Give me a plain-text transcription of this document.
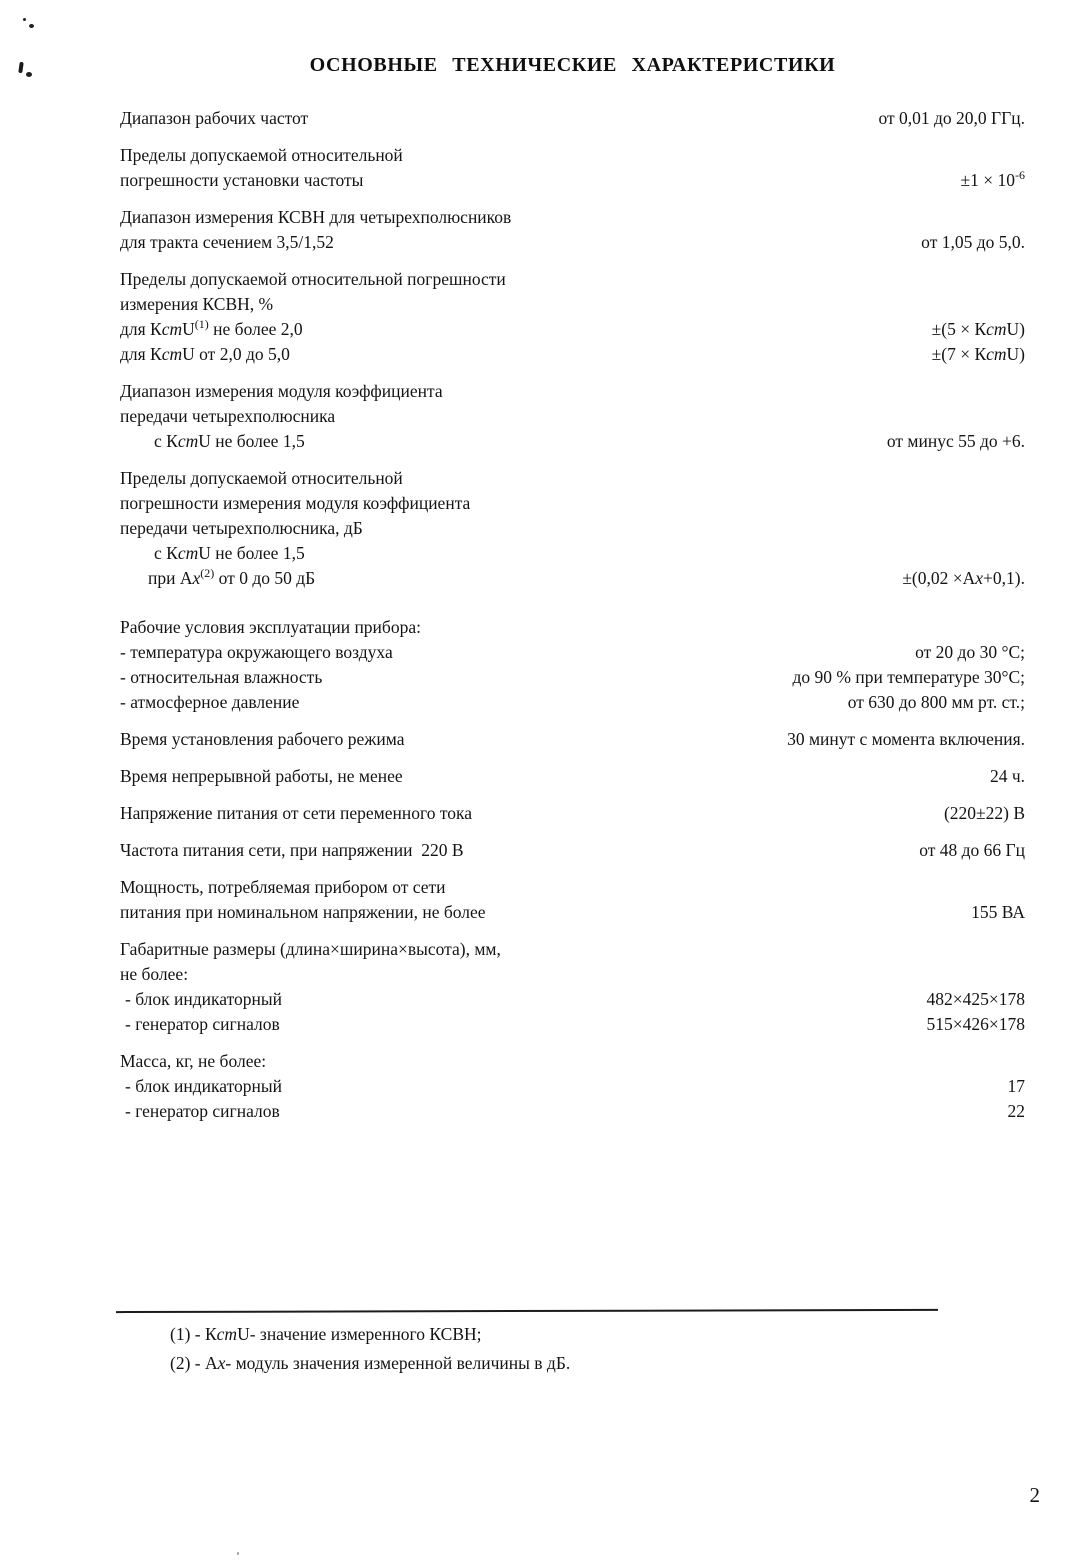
ОСНОВНЫЕ ТЕХНИЧЕСКИЕ ХАРАКТЕРИСТИКИ
Диапазон рабочих частот	от 0,01 до 20,0 ГГц.
Пределы допускаемой относительной
погрешности установки частоты	$\pm 1 \times 10^{-6}$
Диапазон измерения КСВН для четырехполюсников
для тракта сечением 3,5/1,52	от 1,05 до 5,0.
Пределы допускаемой относительной погрешности
измерения КСВН, %
для КстU$^{(1)}$ не более 2,0	±(5 × КстU)
для КстU от 2,0 до 5,0	±(7 × КстU)
Диапазон измерения модуля коэффициента
передачи четырехполюсника
с КстU не более 1,5	от минус 55 до +6.
Пределы допускаемой относительной
погрешности измерения модуля коэффициента
передачи четырехполюсника, дБ
с КстU не более 1,5
при $Ах^{(2)}$ от 0 до 50 дБ	±(0,02 ×Ах+0,1).
Рабочие условия эксплуатации прибора:
- температура окружающего воздуха	от 20 до 30 °С;
- относительная влажность	до 90 % при температуре 30°С;
- атмосферное давление	от 630 до 800 мм рт. ст.;
Время установления рабочего режима	30 минут с момента включения.
Время непрерывной работы, не менее	24 ч.
Напряжение питания от сети переменного тока	(220±22) В
Частота питания сети, при напряжении  220 В	от 48 до 66 Гц
Мощность, потребляемая прибором от сети
питания при номинальном напряжении, не более	155 ВА
Габаритные размеры (длина×ширина×высота), мм,
не более:
- блок индикаторный	482×425×178
- генератор сигналов	515×426×178
Масса, кг, не более:
- блок индикаторный	17
- генератор сигналов	22
(1) - КстU- значение измеренного КСВН;
(2) - Ах- модуль значения измеренной величины в дБ.
2
